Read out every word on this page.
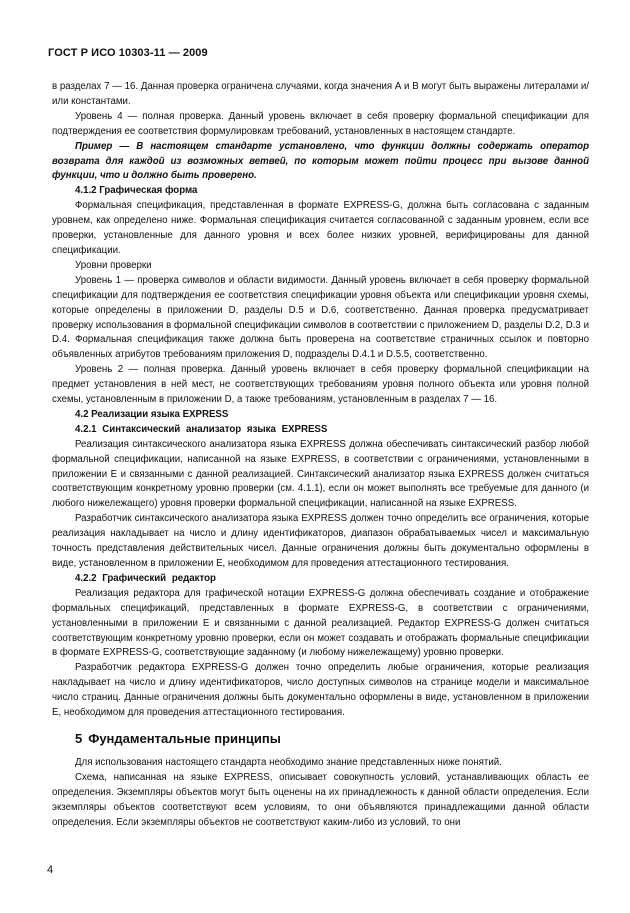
ГОСТ Р ИСО 10303-11 — 2009

в разделах 7 — 16. Данная проверка ограничена случаями, когда значения А и В могут быть выражены литералами и/или константами.

Уровень 4 — полная проверка. Данный уровень включает в себя проверку формальной спецификации для подтверждения ее соответствия формулировкам требований, установленных в настоящем стандарте.

Пример — В настоящем стандарте установлено, что функции должны содержать оператор возврата для каждой из возможных ветвей, по которым может пойти процесс при вызове данной функции, что и должно быть проверено.

4.1.2 Графическая форма

Формальная спецификация, представленная в формате EXPRESS-G, должна быть согласована с заданным уровнем, как определено ниже. Формальная спецификация считается согласованной с заданным уровнем, если все проверки, установленные для данного уровня и всех более низких уровней, верифицированы для данной спецификации.

Уровни проверки

Уровень 1 — проверка символов и области видимости. Данный уровень включает в себя проверку формальной спецификации для подтверждения ее соответствия спецификации уровня объекта или спецификации уровня схемы, которые определены в приложении D, разделы D.5 и D.6, соответственно. Данная проверка предусматривает проверку использования в формальной спецификации символов в соответствии с приложением D, разделы D.2, D.3 и D.4. Формальная спецификация также должна быть проверена на соответствие страничных ссылок и повторно объявленных атрибутов требованиям приложения D, подразделы D.4.1 и D.5.5, соответственно.

Уровень 2 — полная проверка. Данный уровень включает в себя проверку формальной спецификации на предмет установления в ней мест, не соответствующих требованиям уровня полного объекта или уровня полной схемы, установленным в приложении D, а также требованиям, установленным в разделах 7 — 16.

4.2 Реализации языка EXPRESS

4.2.1 Синтаксический анализатор языка EXPRESS

Реализация синтаксического анализатора языка EXPRESS должна обеспечивать синтаксический разбор любой формальной спецификации, написанной на языке EXPRESS, в соответствии с ограничениями, установленными в приложении Е и связанными с данной реализацией. Синтаксический анализатор языка EXPRESS должен считаться соответствующим конкретному уровню проверки (см. 4.1.1), если он может выполнять все требуемые для данного (и любого нижележащего) уровня проверки формальной спецификации, написанной на языке EXPRESS.

Разработчик синтаксического анализатора языка EXPRESS должен точно определить все ограничения, которые реализация накладывает на число и длину идентификаторов, диапазон обрабатываемых чисел и максимальную точность представления действительных чисел. Данные ограничения должны быть документально оформлены в виде, установленном в приложении Е, необходимом для проведения аттестационного тестирования.

4.2.2 Графический редактор

Реализация редактора для графической нотации EXPRESS-G должна обеспечивать создание и отображение формальных спецификаций, представленных в формате EXPRESS-G, в соответствии с ограничениями, установленными в приложении Е и связанными с данной реализацией. Редактор EXPRESS-G должен считаться соответствующим конкретному уровню проверки, если он может создавать и отображать формальные спецификации в формате EXPRESS-G, соответствующие заданному (и любому нижележащему) уровню проверки.

Разработчик редактора EXPRESS-G должен точно определить любые ограничения, которые реализация накладывает на число и длину идентификаторов, число доступных символов на странице модели и максимальное число страниц. Данные ограничения должны быть документально оформлены в виде, установленном в приложении Е, необходимом для проведения аттестационного тестирования.

5 Фундаментальные принципы

Для использования настоящего стандарта необходимо знание представленных ниже понятий.

Схема, написанная на языке EXPRESS, описывает совокупность условий, устанавливающих область ее определения. Экземпляры объектов могут быть оценены на их принадлежность к данной области определения. Если экземпляры объектов соответствуют всем условиям, то они объявляются принадлежащими данной области определения. Если экземпляры объектов не соответствуют каким-либо из условий, то они

4
